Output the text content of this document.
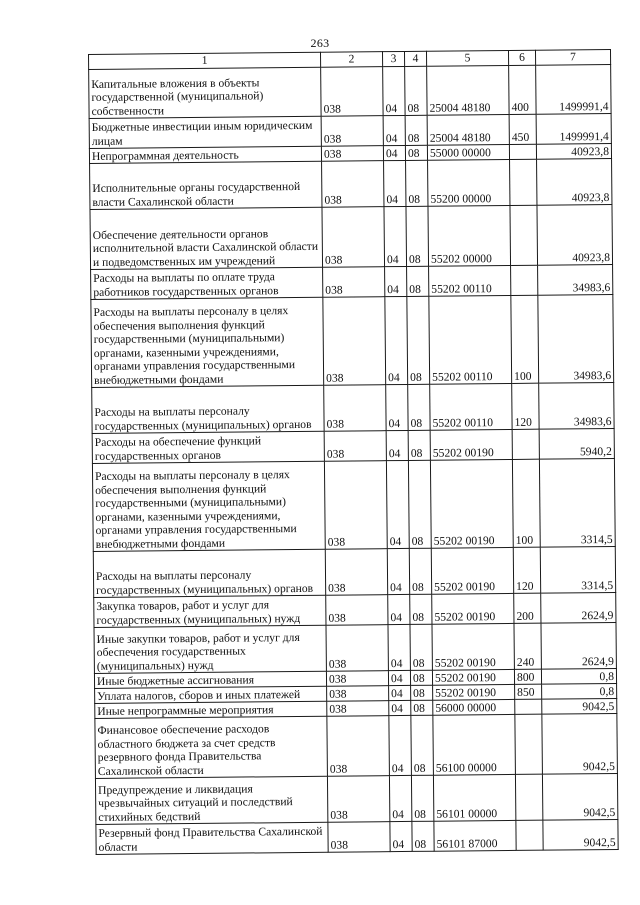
263
1	2	3	4	5	6	7
Капитальные вложения в объекты государственной (муниципальной) собственности	038	04	08	25004 48180	400	1499991,4
Бюджетные инвестиции иным юридическим лицам	038	04	08	25004 48180	450	1499991,4
Непрограммная деятельность	038	04	08	55000 00000		40923,8
Исполнительные органы государственной власти Сахалинской области	038	04	08	55200 00000		40923,8
Обеспечение деятельности органов исполнительной власти Сахалинской области и подведомственных им учреждений	038	04	08	55202 00000		40923,8
Расходы на выплаты по оплате труда работников государственных органов	038	04	08	55202 00110		34983,6
Расходы на выплаты персоналу в целях обеспечения выполнения функций государственными (муниципальными) органами, казенными учреждениями, органами управления государственными внебюджетными фондами	038	04	08	55202 00110	100	34983,6
Расходы на выплаты персоналу государственных (муниципальных) органов	038	04	08	55202 00110	120	34983,6
Расходы на обеспечение функций государственных органов	038	04	08	55202 00190		5940,2
Расходы на выплаты персоналу в целях обеспечения выполнения функций государственными (муниципальными) органами, казенными учреждениями, органами управления государственными внебюджетными фондами	038	04	08	55202 00190	100	3314,5
Расходы на выплаты персоналу государственных (муниципальных) органов	038	04	08	55202 00190	120	3314,5
Закупка товаров, работ и услуг для государственных (муниципальных) нужд	038	04	08	55202 00190	200	2624,9
Иные закупки товаров, работ и услуг для обеспечения государственных (муниципальных) нужд	038	04	08	55202 00190	240	2624,9
Иные бюджетные ассигнования	038	04	08	55202 00190	800	0,8
Уплата налогов, сборов и иных платежей	038	04	08	55202 00190	850	0,8
Иные непрограммные мероприятия	038	04	08	56000 00000		9042,5
Финансовое обеспечение расходов областного бюджета за счет средств резервного фонда Правительства Сахалинской области	038	04	08	56100 00000		9042,5
Предупреждение и ликвидация чрезвычайных ситуаций и последствий стихийных бедствий	038	04	08	56101 00000		9042,5
Резервный фонд Правительства Сахалинской области	038	04	08	56101 87000		9042,5
